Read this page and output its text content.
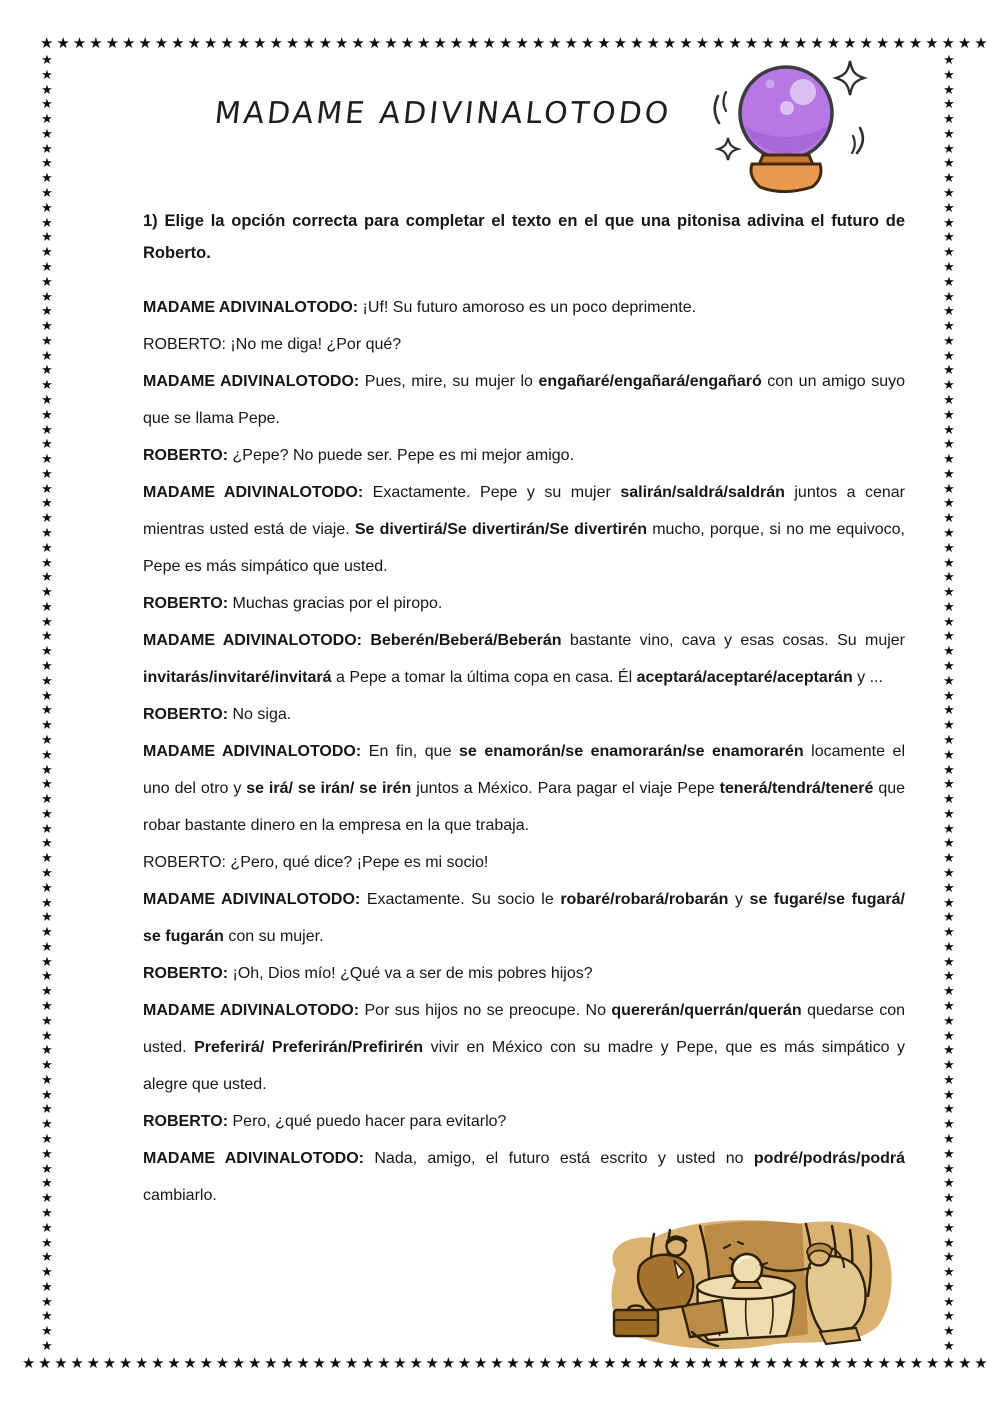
★ ★ ★ ★ ★ ★ ★ ★ ★ ★ ★ ★ ★ ★ ★ ★ ★ ★ ★ ★ ★ ★ ★ ★ ★ ★ ★ ★ ★ ★ ★ ★ ★ ★ ★ ★ ★ ★ ★ ★ ★ ★ ★ ★ ★ ★ ★ ★ ★ ★ ★ ★ ★ ★ ★ ★ ★ ★
★ ★ ★ ★ ★ ★ ★ ★ ★ ★ ★ ★ ★ ★ ★ ★ ★ ★ ★ ★ ★ ★ ★ ★ ★ ★ ★ ★ ★ ★ ★ ★ ★ ★ ★ ★ ★ ★ ★ ★ ★ ★ ★ ★ ★ ★ ★ ★ ★ ★ ★ ★ ★ ★ ★ ★ ★ ★ ★ ★
★
★
★
★
★
★
★
★
★
★
★
★
★
★
★
★
★
★
★
★
★
★
★
★
★
★
★
★
★
★
★
★
★
★
★
★
★
★
★
★
★
★
★
★
★
★
★
★
★
★
★
★
★
★
★
★
★
★
★
★
★
★
★
★
★
★
★
★
★
★
★
★
★
★
★
★
★
★
★
★
★
★
★
★
★
★
★
★
★
★
★
★
★
★
★
★
★
★
★
★
★
★
★
★
★
★
★
★
★
★
★
★
★
★
★
★
★
★
★
★
★
★
★
★
★
★
★
★
★
★
★
★
★
★
★
★
★
★
★
★
★
★
★
★
★
★
★
★
★
★
★
★
★
★
★
★
★
★
★
★
★
★
★
★
★
★
★
★
★
★
★
★
★
★
★
★
MADAME ADIVINALOTODO
1) Elige la opción correcta para completar el texto en el que una pitonisa adivina el futuro de Roberto.

MADAME ADIVINALOTODO: ¡Uf! Su futuro amoroso es un poco deprimente.

ROBERTO: ¡No me diga! ¿Por qué?

MADAME ADIVINALOTODO: Pues, mire, su mujer lo engañaré/engañará/engañaró con un amigo suyo que se llama Pepe.

ROBERTO: ¿Pepe? No puede ser. Pepe es mi mejor amigo.

MADAME ADIVINALOTODO: Exactamente. Pepe y su mujer salirán/saldrá/saldrán juntos a cenar mientras usted está de viaje. Se divertirá/Se divertirán/Se divertirén mucho, porque, si no me equivoco, Pepe es más simpático que usted.

ROBERTO: Muchas gracias por el piropo.

MADAME ADIVINALOTODO: Beberén/Beberá/Beberán bastante vino, cava y esas cosas. Su mujer invitarás/invitaré/invitará a Pepe a tomar la última copa en casa. Él aceptará/aceptaré/aceptarán y ...

ROBERTO: No siga.

MADAME ADIVINALOTODO: En fin, que se enamorán/se enamorarán/se enamorarén locamente el uno del otro y se irá/ se irán/ se irén juntos a México. Para pagar el viaje Pepe tenerá/tendrá/teneré que robar bastante dinero en la empresa en la que trabaja.

ROBERTO: ¿Pero, qué dice? ¡Pepe es mi socio!

MADAME ADIVINALOTODO: Exactamente. Su socio le robaré/robará/robarán y se fugaré/se fugará/ se fugarán con su mujer.

ROBERTO: ¡Oh, Dios mío! ¿Qué va a ser de mis pobres hijos?

MADAME ADIVINALOTODO: Por sus hijos no se preocupe. No quererán/querrán/querán quedarse con usted. Preferirá/ Preferirán/Prefirirén vivir en México con su madre y Pepe, que es más simpático y alegre que usted.

ROBERTO: Pero, ¿qué puedo hacer para evitarlo?

MADAME ADIVINALOTODO: Nada, amigo, el futuro está escrito y usted no podré/podrás/podrá cambiarlo.
